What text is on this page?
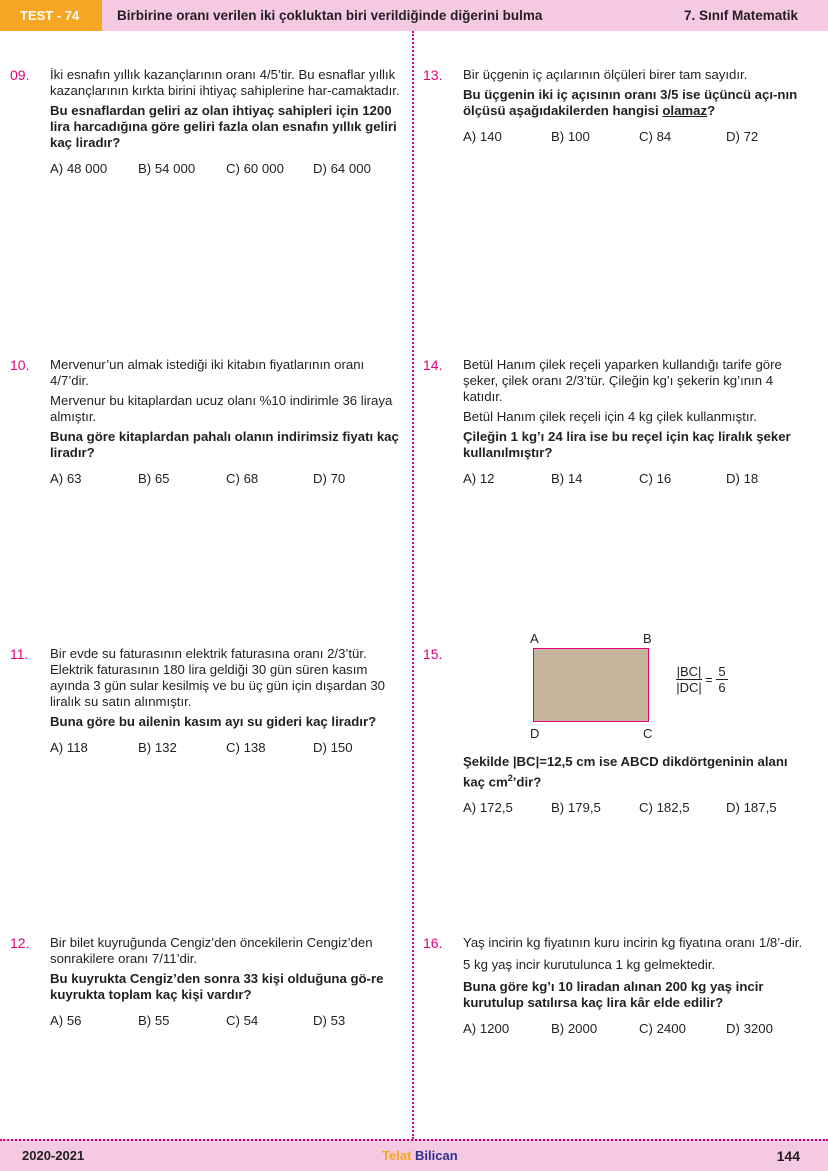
TEST - 74	Birbirine oranı verilen iki çokluktan biri verildiğinde diğerini bulma	7. Sınıf Matematik
09. İki esnafın yıllık kazançlarının oranı 4/5’tir. Bu esnaflar yıllık kazançlarının kırkta birini ihtiyaç sahiplerine har-camaktadır.

Bu esnaflardan geliri az olan ihtiyaç sahipleri için 1200 lira harcadığına göre geliri fazla olan esnafın yıllık geliri kaç liradır?

A) 48 000 B) 54 000 C) 60 000 D) 64 000
10. Mervenur’un almak istediği iki kitabın fiyatlarının oranı 4/7’dir.

Mervenur bu kitaplardan ucuz olanı %10 indirimle 36 liraya almıştır.

Buna göre kitaplardan pahalı olanın indirimsiz fiyatı kaç liradır?

A) 63	B) 65	C) 68	D) 70
11. Bir evde su faturasının elektrik faturasına oranı 2/3’tür. Elektrik faturasının 180 lira geldiği 30 gün süren kasım ayında 3 gün sular kesilmiş ve bu üç gün için dışardan 30 liralık su satın alınmıştır.

Buna göre bu ailenin kasım ayı su gideri kaç liradır?

A) 118	B) 132	C) 138	D) 150
12. Bir bilet kuyruğunda Cengiz’den öncekilerin Cengiz’den sonrakilere oranı 7/11’dir.

Bu kuyrukta Cengiz’den sonra 33 kişi olduğuna gö-re kuyrukta toplam kaç kişi vardır?

A) 56	B) 55	C) 54	D) 53
13. Bir üçgenin iç açılarının ölçüleri birer tam sayıdır.

Bu üçgenin iki iç açısının oranı 3/5 ise üçüncü açı-nın ölçüsü aşağıdakilerden hangisi olamaz?

A) 140	B) 100	C) 84	D) 72
14. Betül Hanım çilek reçeli yaparken kullandığı tarife göre şeker, çilek oranı 2/3’tür. Çileğin kg’ı şekerin kg’ının 4 katıdır.

Betül Hanım çilek reçeli için 4 kg çilek kullanmıştır.

Çileğin 1 kg’ı 24 lira ise bu reçel için kaç liralık şeker kullanılmıştır?

A) 12	B) 14	C) 16	D) 18
15.
A	B
D	C
$\frac{|BC|}{|DC|} = \frac{5}{6}$

Şekilde |BC|=12,5 cm ise ABCD dikdörtgeninin alanı kaç $cm^2’dir$?

A) 172,5	B) 179,5	C) 182,5	D) 187,5
16. Yaş incirin kg fiyatının kuru incirin kg fiyatına oranı 1/8’-dir.

5 kg yaş incir kurutulunca 1 kg gelmektedir.

Buna göre kg’ı 10 liradan alınan 200 kg yaş incir kurutulup satılırsa kaç lira kâr elde edilir?

A) 1200	B) 2000	C) 2400	D) 3200
2020-2021	Telat Bilican	144
